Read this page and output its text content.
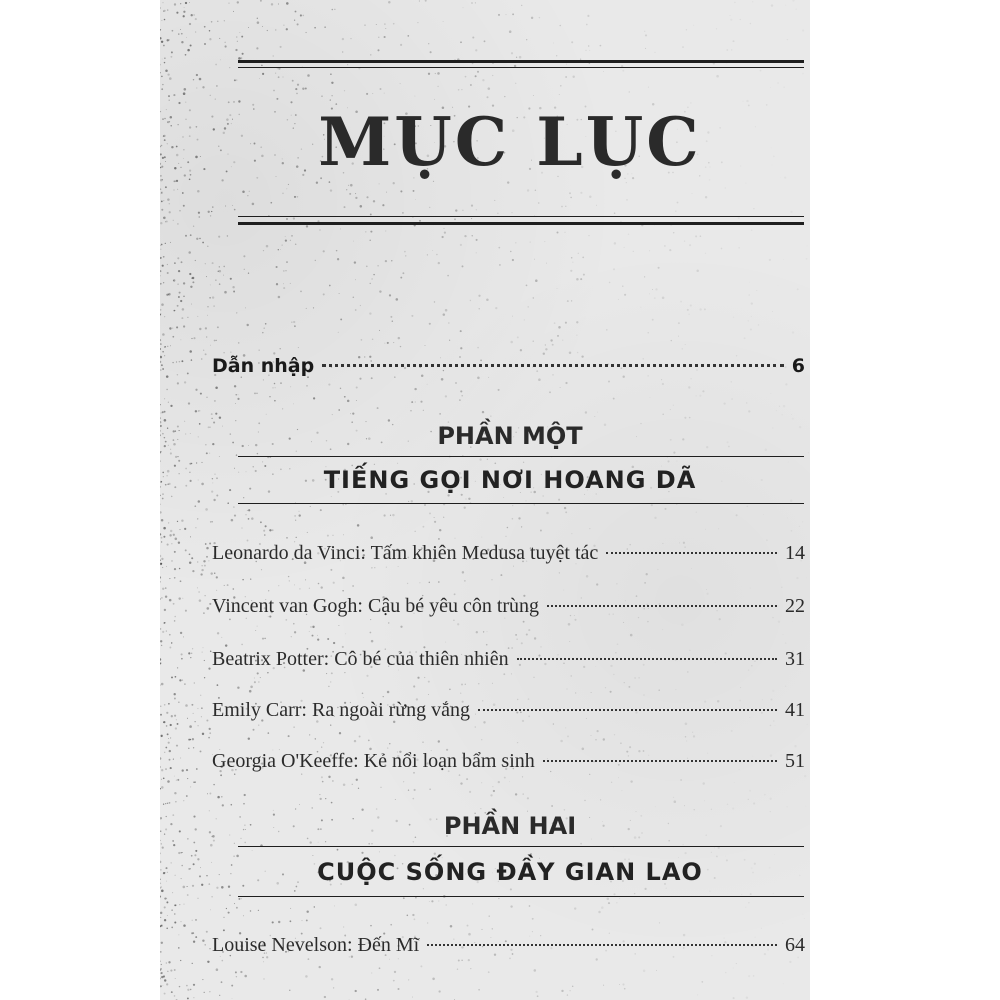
MỤC LỤC
Dẫn nhập	6
PHẦN MỘT
TIẾNG GỌI NƠI HOANG DÃ
Leonardo da Vinci: Tấm khiên Medusa tuyệt tác	14
Vincent van Gogh: Cậu bé yêu côn trùng	22
Beatrix Potter: Cô bé của thiên nhiên	31
Emily Carr: Ra ngoài rừng vắng	41
Georgia O'Keeffe: Kẻ nổi loạn bẩm sinh	51
PHẦN HAI
CUỘC SỐNG ĐẦY GIAN LAO
Louise Nevelson: Đến Mĩ	64
